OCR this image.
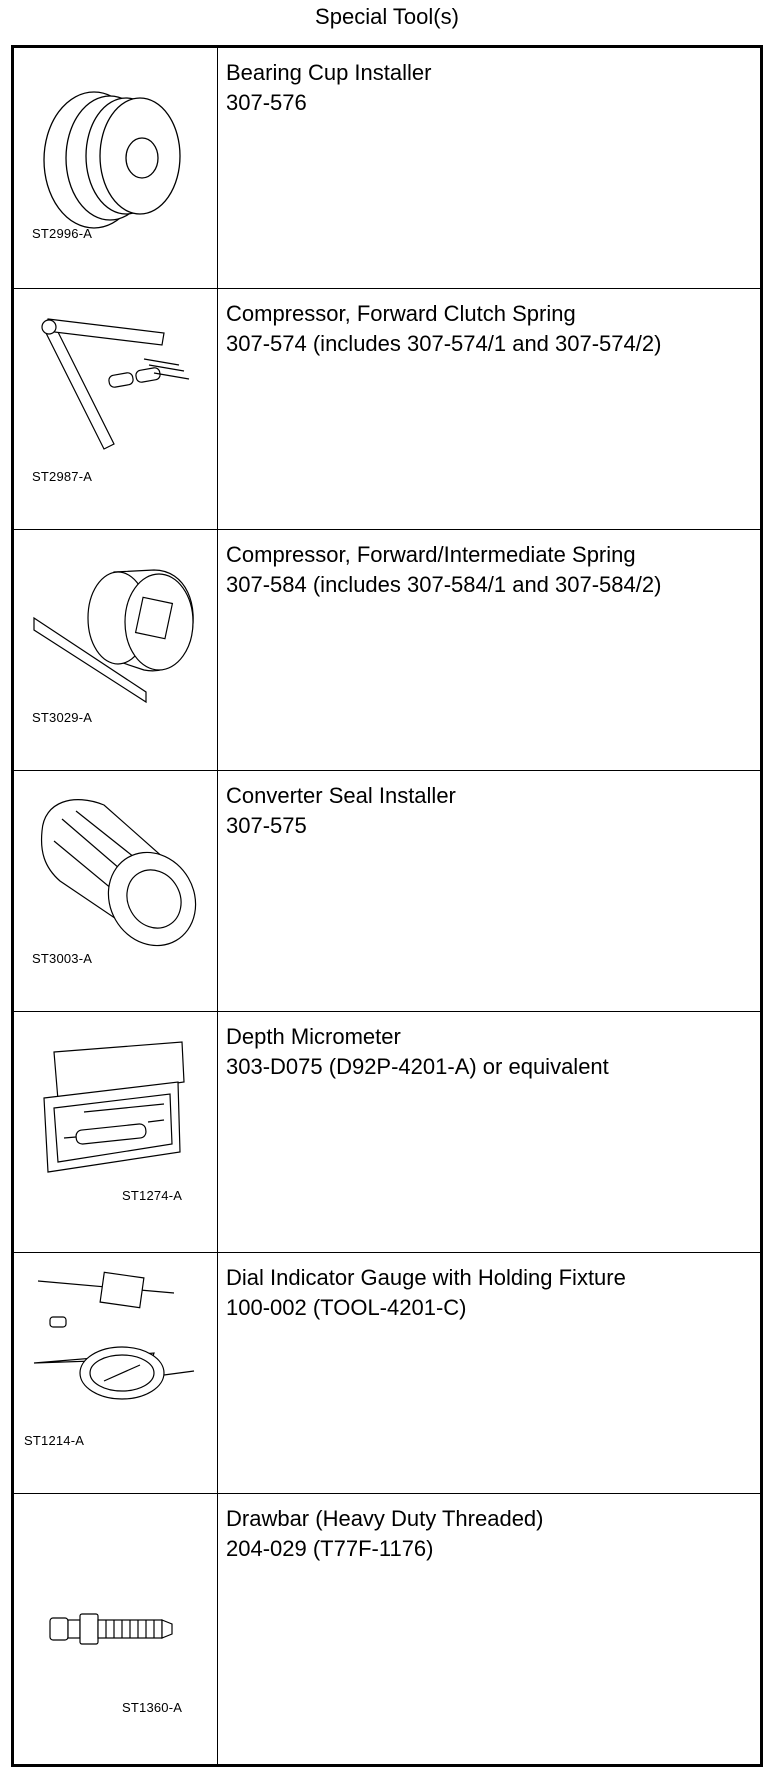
Special Tool(s)
ST2996-A
Bearing Cup Installer
307-576
ST2987-A
Compressor, Forward Clutch Spring
307-574 (includes 307-574/1 and 307-574/2)
ST3029-A
Compressor, Forward/Intermediate Spring
307-584 (includes 307-584/1 and 307-584/2)
ST3003-A
Converter Seal Installer
307-575
ST1274-A
Depth Micrometer
303-D075 (D92P-4201-A) or equivalent
ST1214-A
Dial Indicator Gauge with Holding Fixture
100-002 (TOOL-4201-C)
ST1360-A
Drawbar (Heavy Duty Threaded)
204-029 (T77F-1176)
